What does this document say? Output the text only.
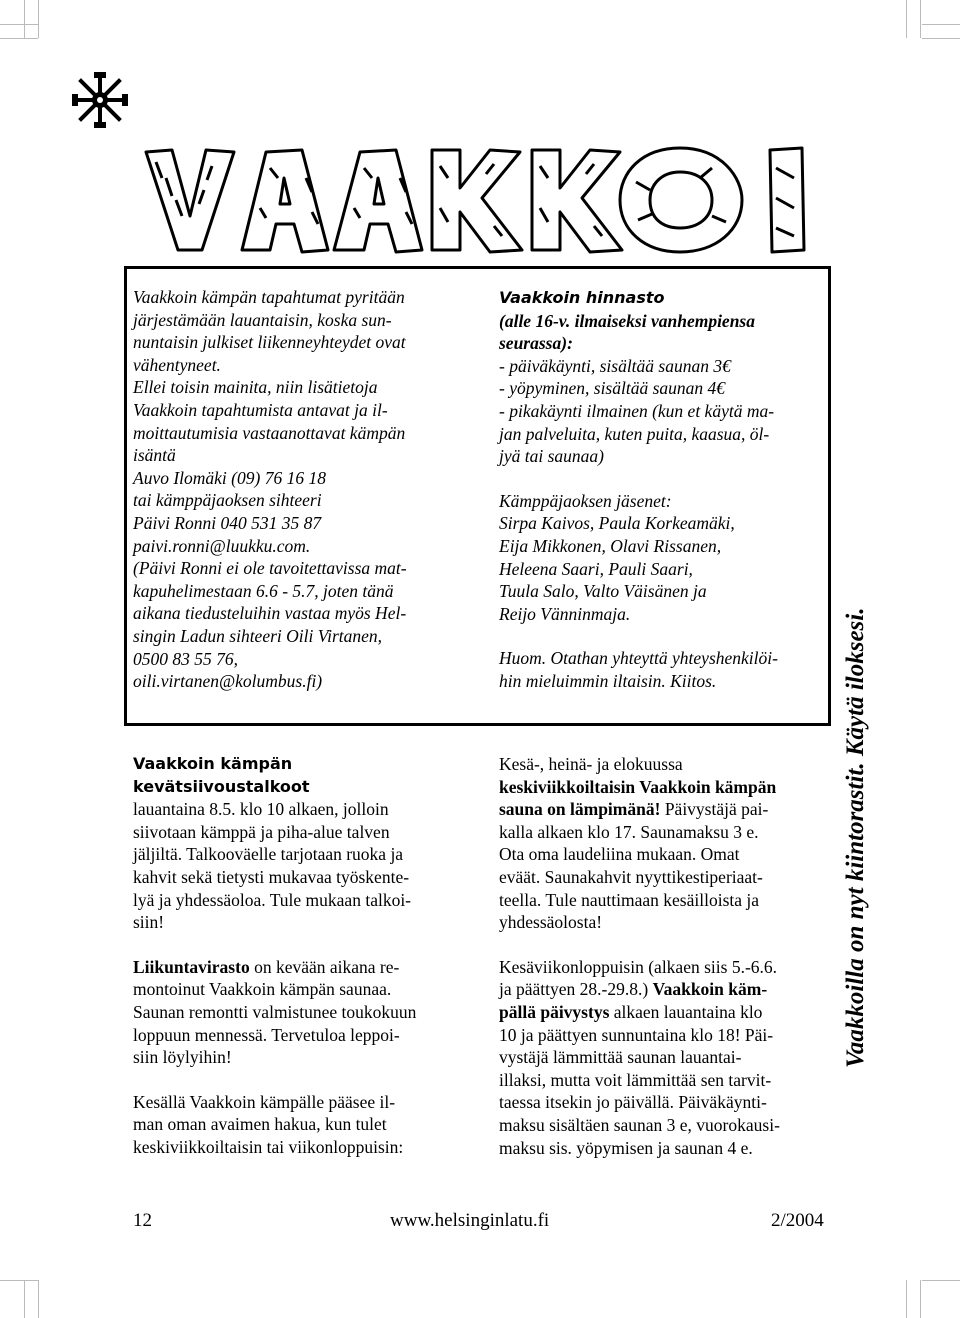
Vaakkoin kämpän tapahtumat pyritään

järjestämään lauantaisin, koska sun-

nuntaisin julkiset liikenneyhteydet ovat

vähentyneet.

Ellei toisin mainita, niin lisätietoja

Vaakkoin tapahtumista antavat ja il-

moittautumisia vastaanottavat kämpän

isäntä

Auvo Ilomäki (09) 76 16 18

tai kämppäjaoksen sihteeri

Päivi Ronni 040 531 35 87

paivi.ronni@luukku.com.

(Päivi Ronni ei ole tavoitettavissa mat-

kapuhelimestaan 6.6 - 5.7, joten tänä

aikana tiedusteluihin vastaa myös Hel-

singin Ladun sihteeri Oili Virtanen,

0500 83 55 76,

oili.virtanen@kolumbus.fi)

Vaakkoin hinnasto

(alle 16-v. ilmaiseksi vanhempiensa

seurassa):

- päiväkäynti, sisältää saunan 3€

- yöpyminen, sisältää saunan 4€

- pikakäynti ilmainen (kun et käytä ma-

jan palveluita, kuten puita, kaasua, öl-

jyä tai saunaa)

Kämppäjaoksen jäsenet:

Sirpa Kaivos, Paula Korkeamäki,

Eija Mikkonen, Olavi Rissanen,

Heleena Saari, Pauli Saari,

Tuula Salo, Valto Väisänen ja

Reijo Vänninmaja.

Huom. Otathan yhteyttä yhteyshenkilöi-

hin mieluimmin iltaisin. Kiitos.

Vaakkoin kämpän

kevätsiivoustalkoot

lauantaina 8.5. klo 10 alkaen, jolloin

siivotaan kämppä ja piha-alue talven

jäljiltä. Talkooväelle tarjotaan ruoka ja

kahvit sekä tietysti mukavaa työskente-

lyä ja yhdessäoloa. Tule mukaan talkoi-

siin!

Liikuntavirasto on kevään aikana re-

montoinut Vaakkoin kämpän saunaa.

Saunan remontti valmistunee toukokuun

loppuun mennessä. Tervetuloa leppoi-

siin löylyihin!

Kesällä Vaakkoin kämpälle pääsee il-

man oman avaimen hakua, kun tulet

keskiviikkoiltaisin tai viikonloppuisin:

Kesä-, heinä- ja elokuussa

keskiviikkoiltaisin Vaakkoin kämpän

sauna on lämpimänä! Päivystäjä pai-

kalla alkaen klo 17. Saunamaksu 3 e.

Ota oma laudeliina mukaan. Omat

eväät. Saunakahvit nyyttikestiperiaat-

teella. Tule nauttimaan kesäilloista ja

yhdessäolosta!

Kesäviikonloppuisin (alkaen siis 5.-6.6.

ja päättyen 28.-29.8.) Vaakkoin käm-

pällä päivystys alkaen lauantaina klo

10 ja päättyen sunnuntaina klo 18! Päi-

vystäjä lämmittää saunan lauantai-

illaksi, mutta voit lämmittää sen tarvit-

taessa itsekin jo päivällä. Päiväkäynti-

maksu sisältäen saunan 3 e, vuorokausi-

maksu sis. yöpymisen ja saunan 4 e.

Vaakkoilla on nyt kiintorastit. Käytä iloksesi.
12	www.helsinginlatu.fi	2/2004
